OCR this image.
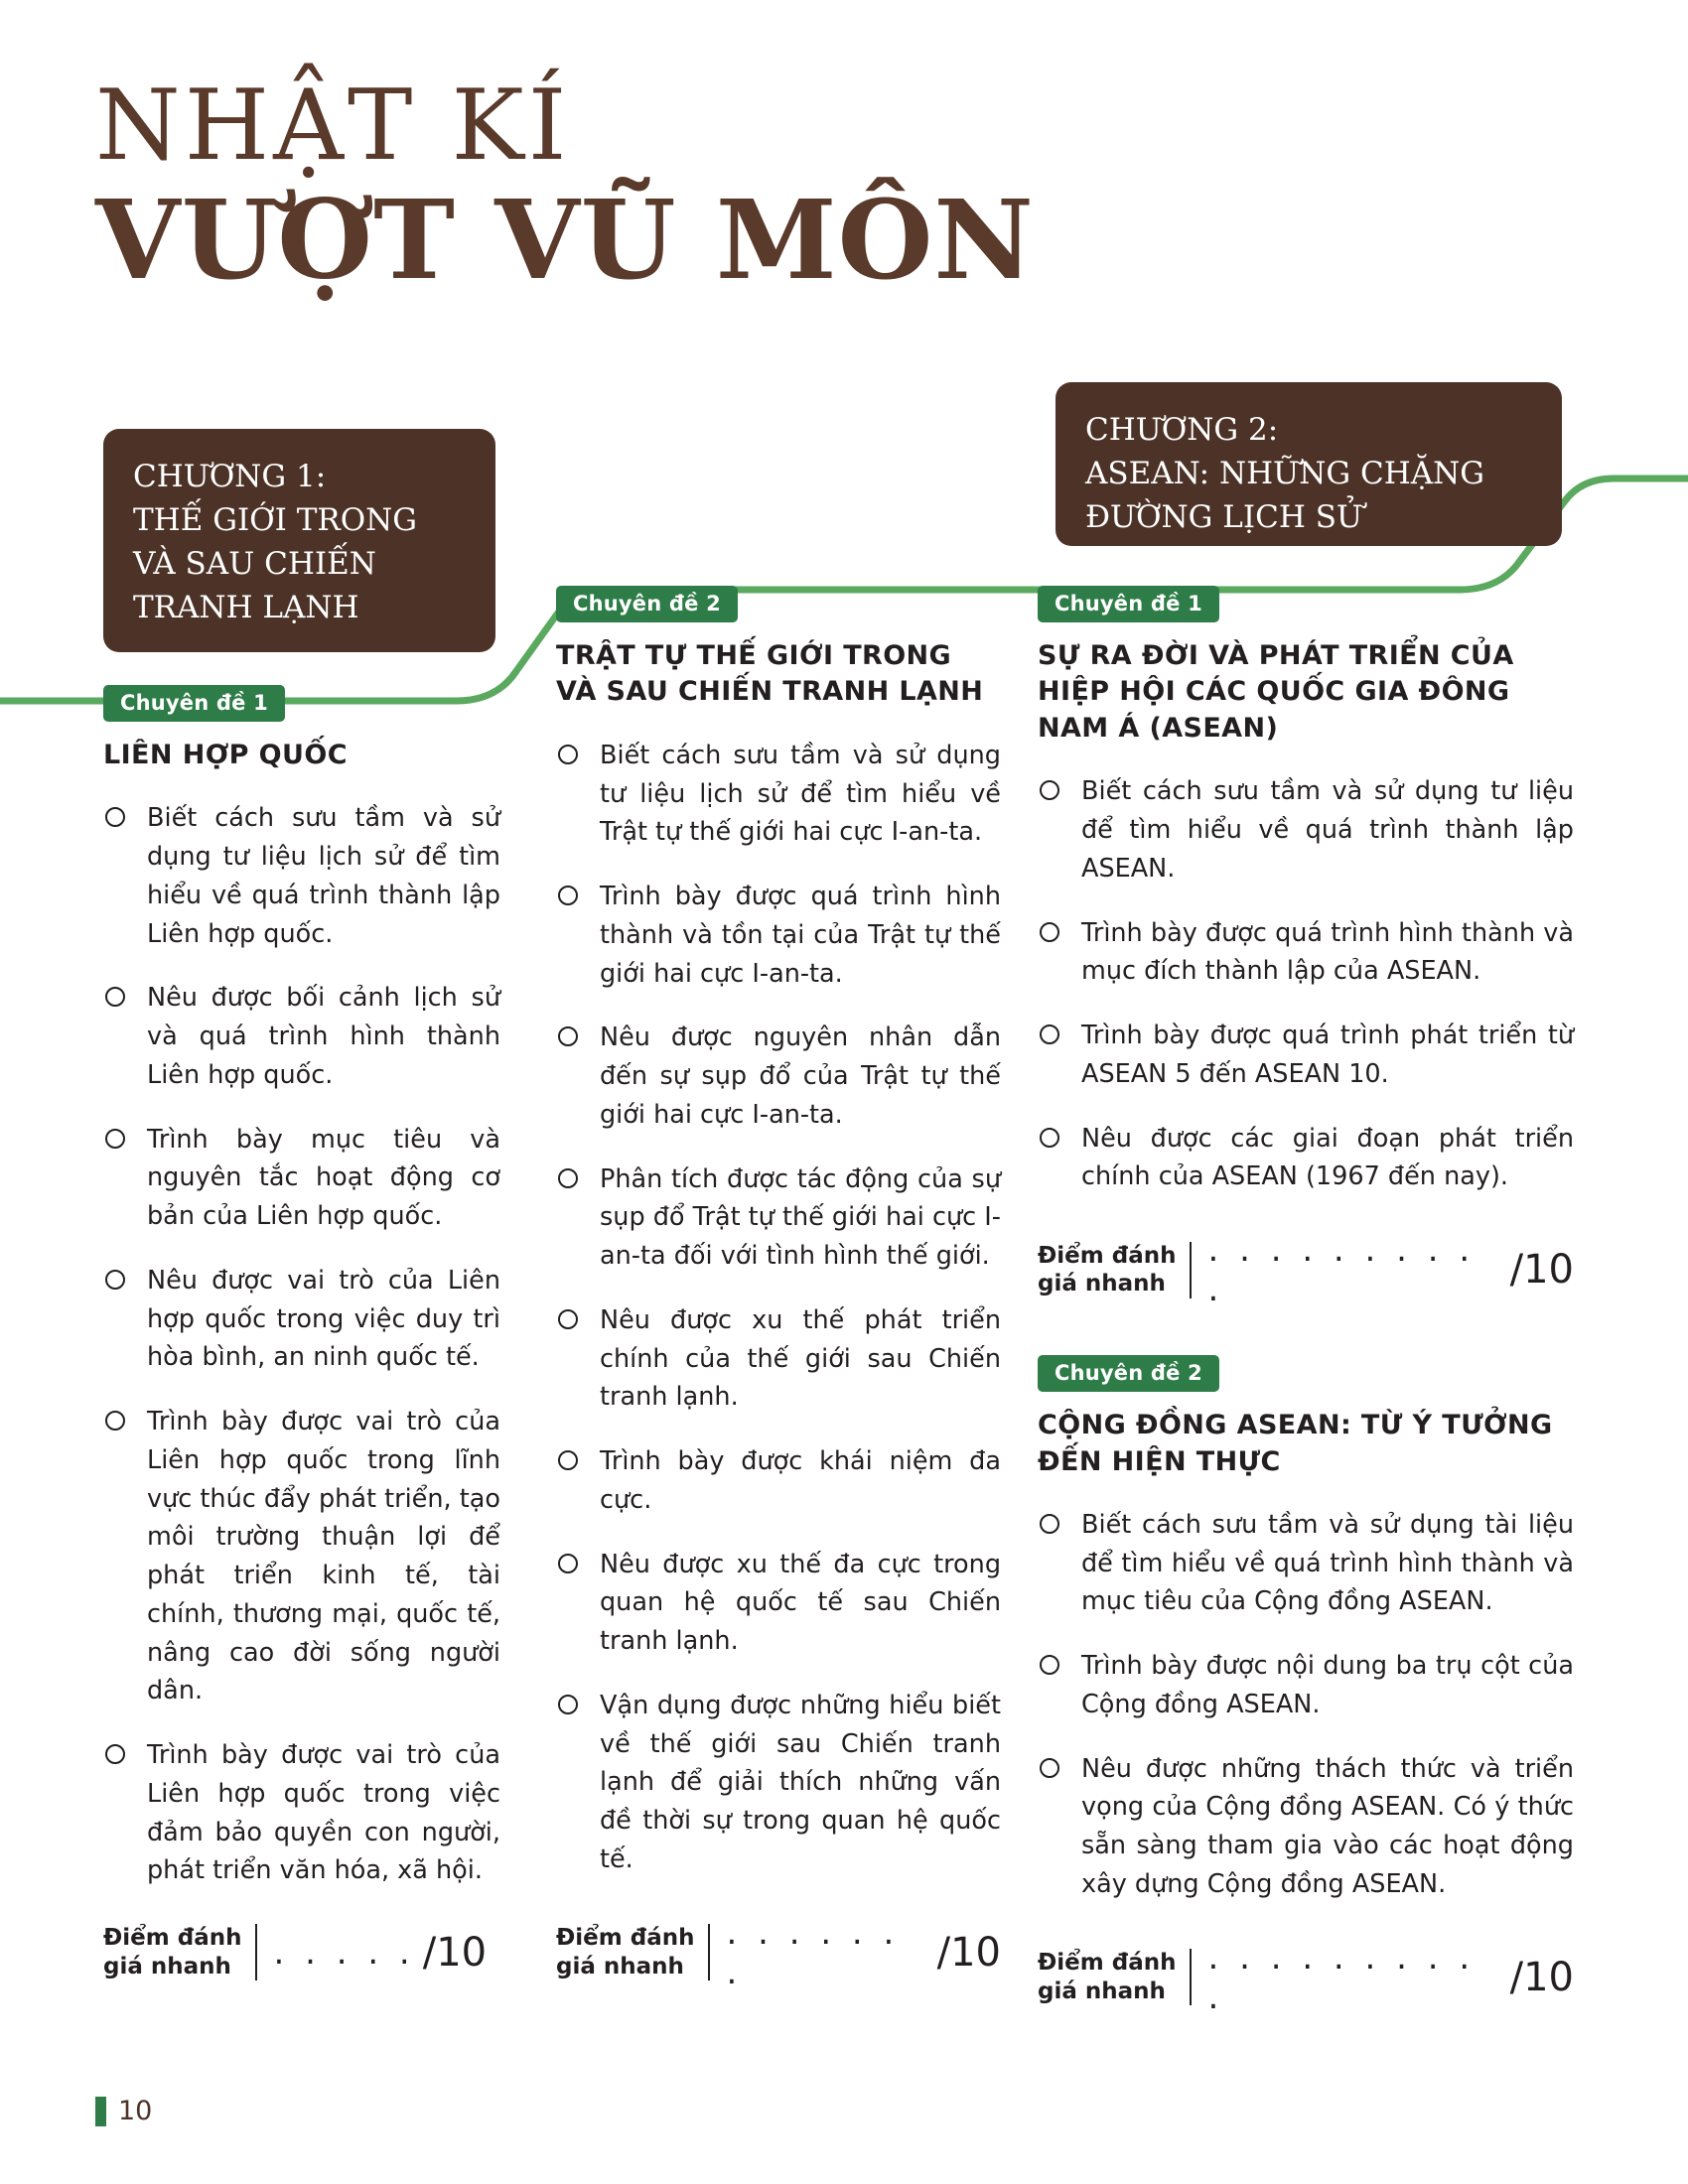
NHẬT KÍ
VƯỢT VŨ MÔN
CHƯƠNG 1:
THẾ GIỚI TRONG
VÀ SAU CHIẾN
TRANH LẠNH
CHƯƠNG 2:
ASEAN: NHỮNG CHẶNG
ĐƯỜNG LỊCH SỬ
Chuyên đề 1
LIÊN HỢP QUỐC
Biết cách sưu tầm và sử dụng tư liệu lịch sử để tìm hiểu về quá trình thành lập Liên hợp quốc.
Nêu được bối cảnh lịch sử và quá trình hình thành Liên hợp quốc.
Trình bày mục tiêu và nguyên tắc hoạt động cơ bản của Liên hợp quốc.
Nêu được vai trò của Liên hợp quốc trong việc duy trì hòa bình, an ninh quốc tế.
Trình bày được vai trò của Liên hợp quốc trong lĩnh vực thúc đẩy phát triển, tạo môi trường thuận lợi để phát triển kinh tế, tài chính, thương mại, quốc tế, nâng cao đời sống người dân.
Trình bày được vai trò của Liên hợp quốc trong việc đảm bảo quyền con người, phát triển văn hóa, xã hội.
Điểm đánh
giá nhanh	. . . . . /10
Chuyên đề 2
TRẬT TỰ THẾ GIỚI TRONG VÀ SAU CHIẾN TRANH LẠNH
Biết cách sưu tầm và sử dụng tư liệu lịch sử để tìm hiểu về Trật tự thế giới hai cực I-an-ta.
Trình bày được quá trình hình thành và tồn tại của Trật tự thế giới hai cực I-an-ta.
Nêu được nguyên nhân dẫn đến sự sụp đổ của Trật tự thế giới hai cực I-an-ta.
Phân tích được tác động của sự sụp đổ Trật tự thế giới hai cực I-an-ta đối với tình hình thế giới.
Nêu được xu thế phát triển chính của thế giới sau Chiến tranh lạnh.
Trình bày được khái niệm đa cực.
Nêu được xu thế đa cực trong quan hệ quốc tế sau Chiến tranh lạnh.
Vận dụng được những hiểu biết về thế giới sau Chiến tranh lạnh để giải thích những vấn đề thời sự trong quan hệ quốc tế.
Điểm đánh
giá nhanh
. . . . . . .	/10
Chuyên đề 1
SỰ RA ĐỜI VÀ PHÁT TRIỂN CỦA HIỆP HỘI CÁC QUỐC GIA ĐÔNG NAM Á (ASEAN)
Biết cách sưu tầm và sử dụng tư liệu để tìm hiểu về quá trình thành lập ASEAN.
Trình bày được quá trình hình thành và mục đích thành lập của ASEAN.
Trình bày được quá trình phát triển từ ASEAN 5 đến ASEAN 10.
Nêu được các giai đoạn phát triển chính của ASEAN (1967 đến nay).
Điểm đánh
giá nhanh
. . . . . . . . . .	/10
Chuyên đề 2
CỘNG ĐỒNG ASEAN: TỪ Ý TƯỞNG ĐẾN HIỆN THỰC
Biết cách sưu tầm và sử dụng tài liệu để tìm hiểu về quá trình hình thành và mục tiêu của Cộng đồng ASEAN.
Trình bày được nội dung ba trụ cột của Cộng đồng ASEAN.
Nêu được những thách thức và triển vọng của Cộng đồng ASEAN. Có ý thức sẵn sàng tham gia vào các hoạt động xây dựng Cộng đồng ASEAN.
Điểm đánh
giá nhanh
. . . . . . . . . .	/10
10
